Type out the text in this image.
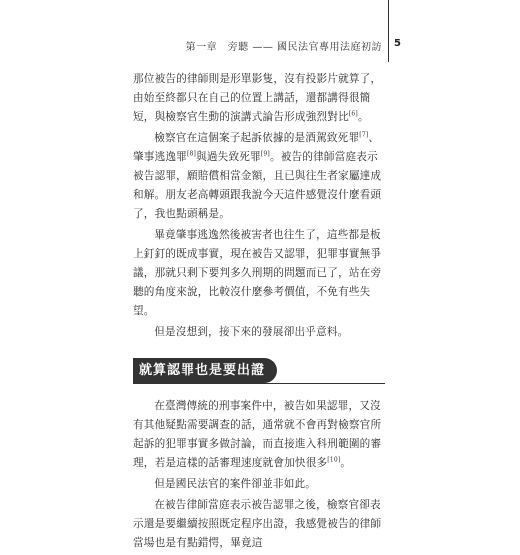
第一章　旁聽 —— 國民法官專用法庭初訪 5

那位被告的律師則是形單影隻，沒有投影片就算了，由始至終都只在自己的位置上講話，還都講得很簡短，與檢察官生動的演講式論告形成強烈對比[6]。

檢察官在這個案子起訴依據的是酒駕致死罪[7]、肇事逃逸罪[8]與過失致死罪[9]。被告的律師當庭表示被告認罪，願賠償相當金額，且已與往生者家屬達成和解。朋友老高轉頭跟我說今天這件感覺沒什麼看頭了，我也點頭稱是。

畢竟肇事逃逸然後被害者也往生了，這些都是板上釘釘的既成事實，現在被告又認罪，犯罪事實無爭議，那就只剩下要判多久刑期的問題而已了，站在旁聽的角度來說，比較沒什麼參考價值，不免有些失望。

但是沒想到，接下來的發展卻出乎意料。

就算認罪也是要出證

在臺灣傳統的刑事案件中，被告如果認罪，又沒有其他疑點需要調查的話，通常就不會再對檢察官所起訴的犯罪事實多做討論，而直接進入科刑範圍的審理，若是這樣的話審理速度就會加快很多[10]。

但是國民法官的案件卻並非如此。

在被告律師當庭表示被告認罪之後，檢察官卻表示還是要繼續按照既定程序出證，我感覺被告的律師當場也是有點錯愕，畢竟這
